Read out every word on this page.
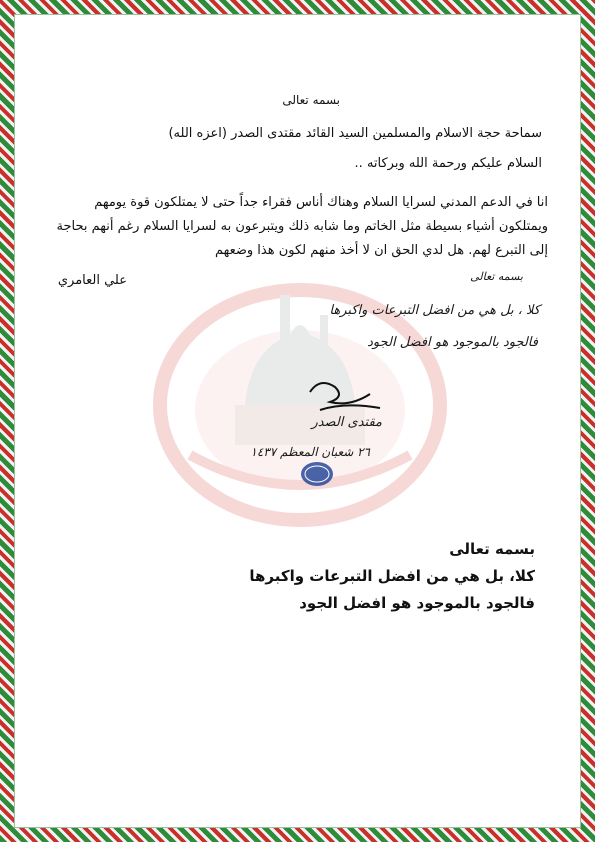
بسمه تعالى
سماحة حجة الاسلام والمسلمين السيد القائد مقتدى الصدر (اعزه الله)
السلام عليكم ورحمة الله وبركاته ..
انا في الدعم المدني لسرايا السلام وهناك أناس فقراء جداً حتى لا يمتلكون قوة يومهم ويمتلكون أشياء بسيطة مثل الخاتم وما شابه ذلك ويتبرعون به لسرايا السلام رغم أنهم بحاجة إلى التبرع لهم. هل لدي الحق ان لا أخذ منهم لكون هذا وضعهم
علي العامري	بسمه تعالى
كلا ، بل هي من افضل التبرعات واكبرها
فالجود بالموجود هو افضل الجود
مقتدى الصدر
٢٦ شعبان المعظم ١٤٣٧
بسمه تعالى
كلا، بل هي من افضل التبرعات واكبرها
فالجود بالموجود هو افضل الجود
